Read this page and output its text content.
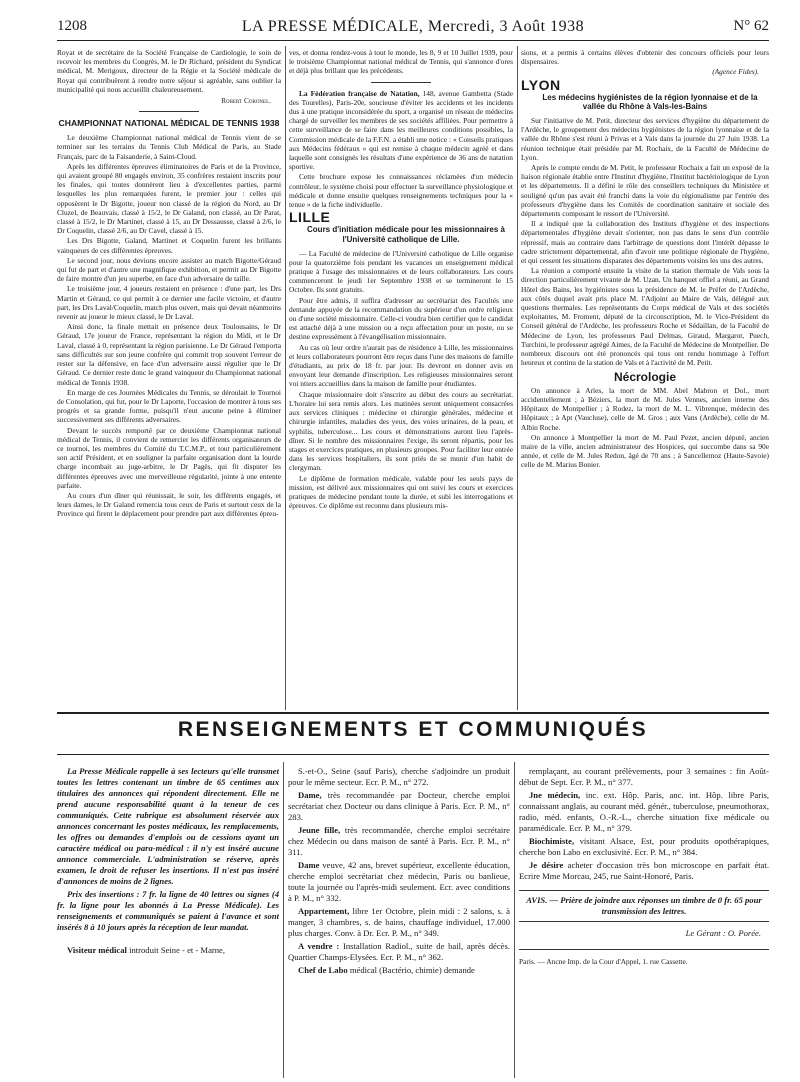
1208	LA PRESSE MÉDICALE, Mercredi, 3 Août 1938	N° 62

Royat et de secrétaire de la Société Française de Cardiologie, le soin de recevoir les membres du Congrès, M. le Dr Richard, président du Syndicat médical, M. Merigoux, directeur de la Régie et la Société médicale de Royat qui contribuèrent à rendre notre séjour si agréable, sans oublier la municipalité qui nous accueillit chaleureusement.

Robert Coronel.

CHAMPIONNAT NATIONAL MÉDICAL DE TENNIS 1938

Le deuxième Championnat national médical de Tennis vient de se terminer sur les terrains du Tennis Club Médical de Paris, au Stade Français, parc de la Faisanderie, à Saint-Cloud.

Après les différentes épreuves éliminatoires de Paris et de la Province, qui avaient groupé 80 engagés environ, 35 confrères restaient inscrits pour les finales, qui toutes donnèrent lieu à d'excellentes parties, parmi lesquelles les plus remarquées furent, le premier jour : celles qui opposèrent le Dr Bigotte, joueur non classé de la région du Nord, au Dr Cluzel, de Beauvais, classé à 15/2, le Dr Galand, non classé, au Dr Parat, classé à 15/2, le Dr Martinet, classé à 15, au Dr Dessausse, classé à 2/6, le Dr Coquelin, classé 2/6, au Dr Cavel, classé à 15.

Les Drs Bigotte, Galand, Martinet et Coquelin furent les brillants vainqueurs de ces différentes épreuves.

Le second jour, nous devions encore assister au match Bigotte/Géraud qui fut de part et d'autre une magnifique exhibition, et permit au Dr Bigotte de faire montre d'un jeu superbe, en face d'un adversaire de taille.

Le troisième jour, 4 joueurs restaient en présence : d'une part, les Drs Martin et Géraud, ce qui permit à ce dernier une facile victoire, et d'autre part, les Drs Laval/Coquelin, match plus ouvert, mais qui devait néanmoins revenir au joueur le mieux classé, le Dr Laval.

Ainsi donc, la finale mettait en présence deux Toulousains, le Dr Géraud, 17e joueur de France, représentant la région du Midi, et le Dr Laval, classé à 0, représentant la région parisienne. Le Dr Géraud l'emporta sans difficultés sur son jeune confrère qui commit trop souvent l'erreur de rester sur la défensive, en face d'un adversaire aussi régulier que le Dr Géraud. Ce dernier reste donc le grand vainqueur du Championnat national médical de Tennis 1938.

En marge de ces Journées Médicales du Tennis, se déroulait le Tournoi de Consolation, qui fut, pour le Dr Laporte, l'occasion de montrer à tous ses progrès et sa grande forme, puisqu'il n'eut aucune peine à éliminer successivement ses différents adversaires.

Devant le succès remporté par ce deuxième Championnat national médical de Tennis, il convient de remercier les différents organisateurs de ce tournoi, les membres du Comité du T.C.M.P., et tout particulièrement son actif Président, et en souligner la parfaite organisation dont la lourde charge incombait au juge-arbitre, le Dr Pagès, qui fit disputer les différentes épreuves avec une merveilleuse régularité, jointe à une entente parfaite.

Au cours d'un dîner qui réunissait, le soir, les différents engagés, et leurs dames, le Dr Galand remercia tous ceux de Paris et surtout ceux de la Province qui firent le déplacement pour prendre part aux différentes épreu-

ves, et donna rendez-vous à tout le monde, les 8, 9 et 10 Juillet 1939, pour le troisième Championnat national médical de Tennis, qui s'annonce d'ores et déjà plus brillant que les précédents.

La Fédération française de Natation, 148, avenue Gambetta (Stade des Tourelles), Paris-20e, soucieuse d'éviter les accidents et les incidents dus à une pratique inconsidérée du sport, a organisé un réseau de médecins chargé de surveiller les membres de ses sociétés affiliées. Pour permettre à cette surveillance de se faire dans les meilleures conditions possibles, la Commission médicale de la F.F.N. a établi une notice : « Conseils pratiques aux Médecins fédéraux » qui est remise à chaque médecin agréé et dans laquelle sont consignés les résultats d'une expérience de 36 ans de natation sportive.

Cette brochure expose les connaissances réclamées d'un médecin contrôleur, le système choisi pour effectuer la surveillance physiologique et médicale et donne ensuite quelques renseignements techniques pour la « tenue » de la fiche individuelle.

LILLE

Cours d'initiation médicale pour les missionnaires à l'Université catholique de Lille.

— La Faculté de médecine de l'Université catholique de Lille organise pour la quatorzième fois pendant les vacances un enseignement médical pratique à l'usage des missionnaires et de leurs collaborateurs. Les cours commenceront le jeudi 1er Septembre 1938 et se termineront le 15 Octobre. Ils sont gratuits.

Pour être admis, il suffira d'adresser au secrétariat des Facultés une demande appuyée de la recommandation du supérieur d'un ordre religieux ou d'une société missionnaire. Celle-ci voudra bien certifier que le candidat est attaché déjà à une mission ou a reçu affectation pour un poste, ou se destine expressément à l'évangélisation missionnaire.

Au cas où leur ordre n'aurait pas de résidence à Lille, les missionnaires et leurs collaborateurs pourront être reçus dans l'une des maisons de famille d'étudiants, au prix de 18 fr. par jour. Ils devront en donner avis en envoyant leur demande d'inscription. Les religieuses missionnaires seront voi ntiers accueillies dans la maison de famille pour étudiantes.

Chaque missionnaire doit s'inscrire au début des cours au secrétariat. L'horaire lui sera remis alors. Les matinées seront uniquement consacrées aux services cliniques : médecine et chirurgie générales, médecine et chirurgie infantiles, maladies des yeux, des voies urinaires, de la peau, et syphilis, tuberculose... Les cours et démonstrations auront lieu l'après-dîner. Si le nombre des missionnaires l'exige, ils seront répartis, pour les stages et exercices pratiques, en plusieurs groupes. Pour faciliter leur entrée dans les services hospitaliers, ils sont priés de se munir d'un habit de clergyman.

Le diplôme de formation médicale, valable pour les seuls pays de mission, est délivré aux missionnaires qui ont suivi les cours et exercices pratiques de médecine pendant toute la durée, et subi les interrogations et épreuves. Ce diplôme est reconnu dans plusieurs mis-

sions, et a permis à certains élèves d'obtenir des concours officiels pour leurs dispensaires.

(Agence Fides).

LYON

Les médecins hygiénistes de la région lyonnaise et de la vallée du Rhône à Vals-les-Bains

Sur l'initiative de M. Petit, directeur des services d'hygiène du département de l'Ardèche, le groupement des médecins hygiénistes de la région lyonnaise et de la vallée du Rhône s'est réuni à Privas et à Vals dans la journée du 27 Juin 1938. La réunion technique était présidée par M. Rochaix, de la Faculté de Médecine de Lyon.

Après le compte rendu de M. Petit, le professeur Rochaix a fait un exposé de la liaison régionale établie entre l'Institut d'hygiène, l'Institut bactériologique de Lyon et les départements. Il a défini le rôle des conseillers techniques du Ministère et souligné qu'un pas avait été franchi dans la voie du régionalisme par l'entrée des professeurs d'hygiène dans les Comités de coordination sanitaire et sociale des départements composant le ressort de l'Université.

Il a indiqué que la collaboration des Instituts d'hygiène et des inspections départementales d'hygiène devait s'orienter, non pas dans le sens d'un contrôle répressif, mais au contraire dans l'arbitrage de questions dont l'intérêt dépasse le cadre strictement départemental, afin d'avoir une politique régionale de l'hygiène, et qui cessent les situations disparates des départements voisins les uns des autres.

La réunion a comporté ensuite la visite de la station thermale de Vals sous la direction particulièrement vivante de M. Uzan. Un banquet offiel a réuni, au Grand Hôtel des Bains, les hygiénistes sous la présidence de M. le Préfet de l'Ardèche, aux côtés duquel avait pris place M. l'Adjoint au Maire de Vals, délégué aux questions thermales. Les représentants du Corps médical de Vals et des sociétés exploitantes, M. Froment, député de la circonscription, M. le Vice-Président du Conseil général de l'Ardèche, les professeurs Roche et Sédaillan, de la Faculté de Médecine de Lyon, les professeurs Paul Delmas, Giraud, Margarot, Puech, Turchini, le professeur agrégé Aimes, de la Faculté de Médecine de Montpellier. De nombreux discours ont été prononcés qui tous ont rendu hommage à l'effort heureux et continu de la station de Vals et à l'activité de M. Petit.

Nécrologie

On annonce à Arles, la mort de MM. Abel Mabron et Dol., mort accidentellement ; à Béziers, la mort de M. Jules Vennes, ancien interne des Hôpitaux de Montpellier ; à Rodez, la mort de M. L. Vibrenque, médecin des Hôpitaux ; à Apt (Vaucluse), celle de M. Gros ; aux Vans (Ardèche), celle de M. Albin Roche.

On annonce à Montpellier la mort de M. Paul Pezet, ancien député, ancien maire de la ville, ancien administrateur des Hospices, qui succombe dans sa 90e année, et celle de M. Jules Redon, âgé de 70 ans ; à Sancellemoz (Haute-Savoie) celle de M. Marius Bonier.

RENSEIGNEMENTS ET COMMUNIQUÉS

La Presse Médicale rappelle à ses lecteurs qu'elle transmet toutes les lettres contenant un timbre de 65 centimes aux titulaires des annonces qui répondent directement. Elle ne prend aucune responsabilité quant à la teneur de ces communiqués. Cette rubrique est absolument réservée aux annonces concernant les postes médicaux, les remplacements, les offres ou demandes d'emplois ou de cessions ayant un caractère médical ou para-médical : il n'y est inséré aucune annonce commerciale. L'administration se réserve, après examen, le droit de refuser les insertions. Il n'est pas inséré d'annonces de moins de 2 lignes.

Prix des insertions : 7 fr. la ligne de 40 lettres ou signes (4 fr. la ligne pour les abonnés à La Presse Médicale). Les renseignements et communiqués se paient à l'avance et sont insérés 8 à 10 jours après la réception de leur mandat.

Visiteur médical introduit Seine - et - Marne,

S.-et-O., Seine (sauf Paris), cherche s'adjoindre un produit pour le même secteur. Ecr. P. M., n° 272.

Dame, très recommandée par Docteur, cherche emploi secrétariat chez Docteur ou dans clinique à Paris. Ecr. P. M., n° 283.

Jeune fille, très recommandée, cherche emploi secrétaire chez Médecin ou dans maison de santé à Paris. Ecr. P. M., n° 311.

Dame veuve, 42 ans, brevet supérieur, excellente éducation, cherche emploi secrétariat chez médecin, Paris ou banlieue, toute la journée ou l'après-midi seulement. Ecr. avec conditions à P. M., n° 332.

Appartement, libre 1er Octobre, plein midi : 2 salons, s. à manger, 3 chambres, s. de bains, chauffage individuel, 17.000 plus charges. Conv. à Dr. Ecr. P. M., n° 349.

A vendre : Installation Radiol., suite de bail, après décès. Quartier Champs-Elysées. Ecr. P. M., n° 362.

Chef de Labo médical (Bactério, chimie) demande

remplaçant, au courant prélèvements, pour 3 semaines : fin Août-début de Sept. Ecr. P. M., n° 377.

Jne médecin, inc. ext. Hôp. Paris, anc. int. Hôp. libre Paris, connaissant anglais, au courant méd. génér., tuberculose, pneumothorax, radio, méd. enfants, O.-R.-L., cherche situation fixe médicale ou paramédicale. Ecr. P. M., n° 379.

Biochimiste, visitant Alsace, Est, pour produits opothérapiques, cherche bon Labo en exclusivité. Ecr. P. M., n° 384.

Je désire acheter d'occasion très bon microscope en parfait état. Ecrire Mme Morcau, 245, rue Saint-Honoré, Paris.

AVIS. — Prière de joindre aux réponses un timbre de 0 fr. 65 pour transmission des lettres.

Le Gérant : O. Porée.

Paris. — Ancne Imp. de la Cour d'Appel, 1. rue Cassette.
